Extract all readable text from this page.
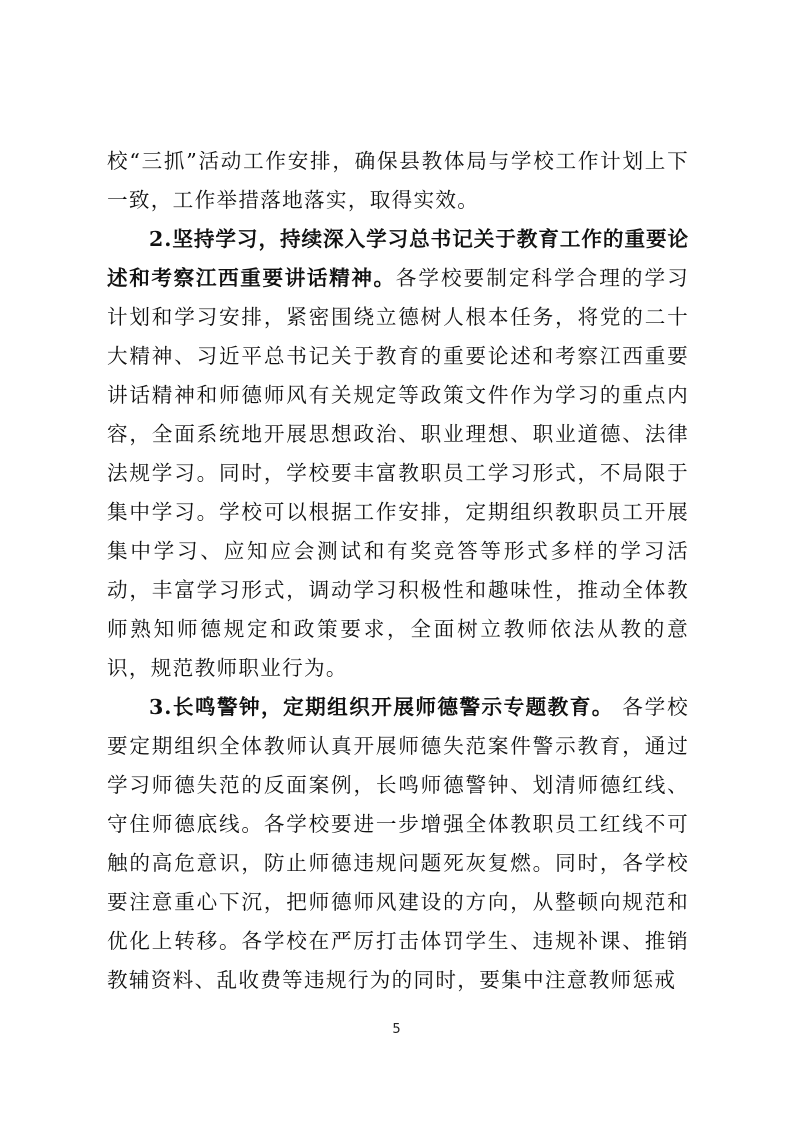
校“三抓”活动工作安排，确保县教体局与学校工作计划上下一致，工作举措落地落实，取得实效。

2.坚持学习，持续深入学习总书记关于教育工作的重要论述和考察江西重要讲话精神。各学校要制定科学合理的学习计划和学习安排，紧密围绕立德树人根本任务，将党的二十大精神、习近平总书记关于教育的重要论述和考察江西重要讲话精神和师德师风有关规定等政策文件作为学习的重点内容，全面系统地开展思想政治、职业理想、职业道德、法律法规学习。同时，学校要丰富教职员工学习形式，不局限于集中学习。学校可以根据工作安排，定期组织教职员工开展集中学习、应知应会测试和有奖竞答等形式多样的学习活动，丰富学习形式，调动学习积极性和趣味性，推动全体教师熟知师德规定和政策要求，全面树立教师依法从教的意识，规范教师职业行为。

3.长鸣警钟，定期组织开展师德警示专题教育。 各学校要定期组织全体教师认真开展师德失范案件警示教育，通过学习师德失范的反面案例，长鸣师德警钟、划清师德红线、守住师德底线。各学校要进一步增强全体教职员工红线不可触的高危意识，防止师德违规问题死灰复燃。同时，各学校要注意重心下沉，把师德师风建设的方向，从整顿向规范和优化上转移。各学校在严厉打击体罚学生、违规补课、推销教辅资料、乱收费等违规行为的同时，要集中注意教师惩戒

5
